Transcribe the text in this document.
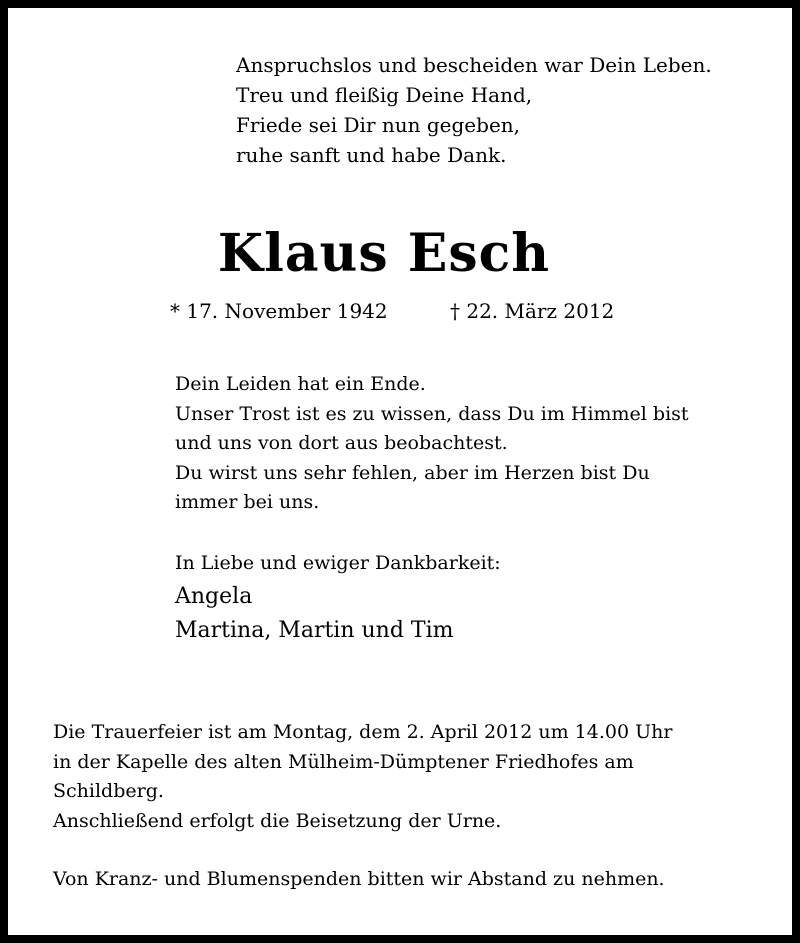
Anspruchslos und bescheiden war Dein Leben.
Treu und fleißig Deine Hand,
Friede sei Dir nun gegeben,
ruhe sanft und habe Dank.

Klaus Esch
* 17. November 1942	† 22. März 2012

Dein Leiden hat ein Ende.
Unser Trost ist es zu wissen, dass Du im Himmel bist
und uns von dort aus beobachtest.
Du wirst uns sehr fehlen, aber im Herzen bist Du
immer bei uns.

In Liebe und ewiger Dankbarkeit:

Angela
Martina, Martin und Tim

Die Trauerfeier ist am Montag, dem 2. April 2012 um 14.00 Uhr
in der Kapelle des alten Mülheim-Dümptener Friedhofes am
Schildberg.
Anschließend erfolgt die Beisetzung der Urne.

Von Kranz- und Blumenspenden bitten wir Abstand zu nehmen.
